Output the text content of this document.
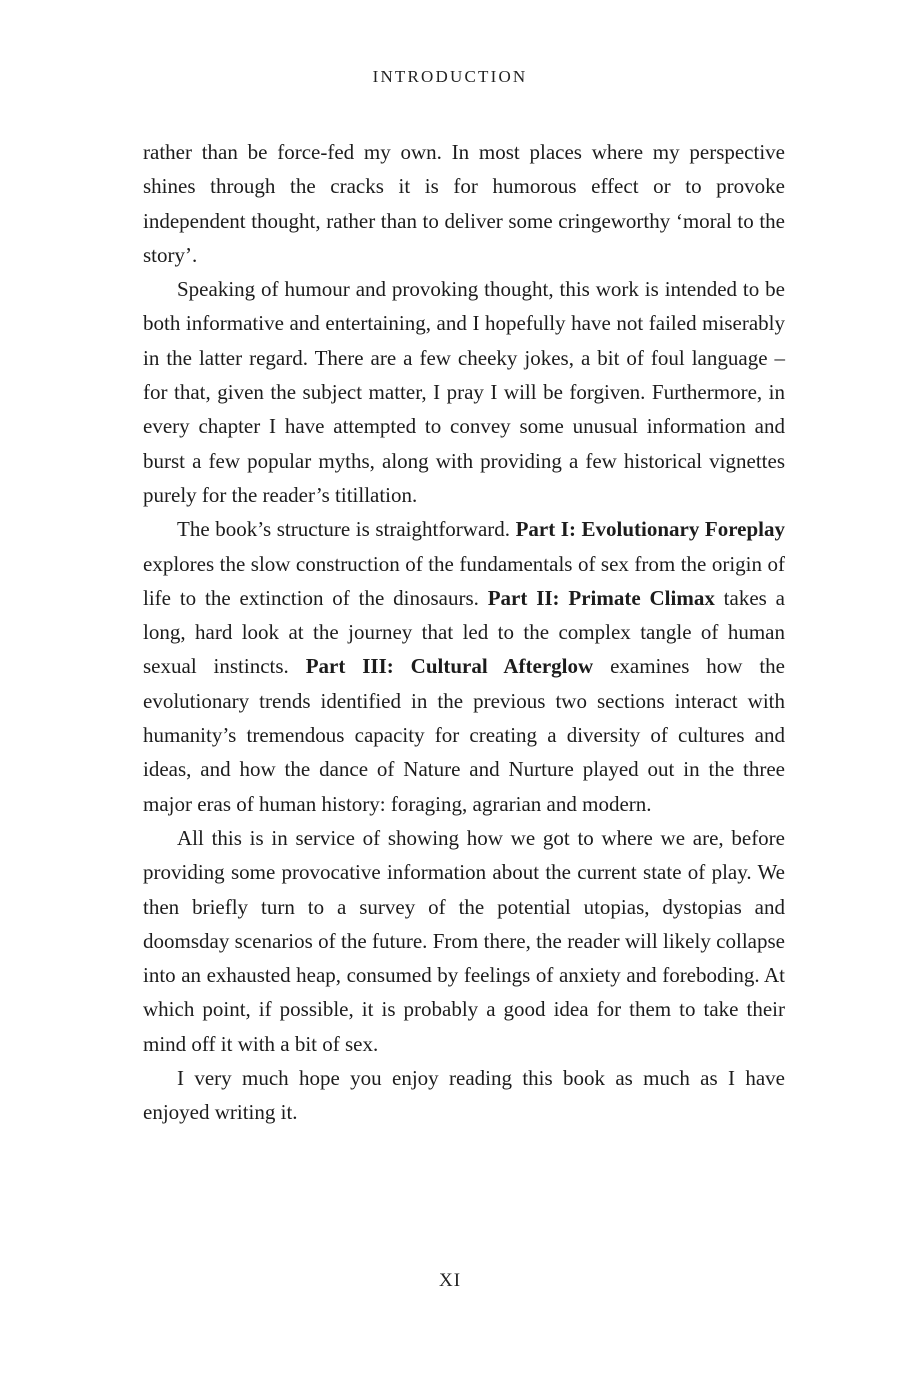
INTRODUCTION

rather than be force-fed my own. In most places where my perspective shines through the cracks it is for humorous effect or to provoke independent thought, rather than to deliver some cringeworthy ‘moral to the story’.

Speaking of humour and provoking thought, this work is intended to be both informative and entertaining, and I hopefully have not failed miserably in the latter regard. There are a few cheeky jokes, a bit of foul language – for that, given the subject matter, I pray I will be forgiven. Furthermore, in every chapter I have attempted to convey some unusual information and burst a few popular myths, along with providing a few historical vignettes purely for the reader’s titillation.

The book’s structure is straightforward. Part I: Evolutionary Foreplay explores the slow construction of the fundamentals of sex from the origin of life to the extinction of the dinosaurs. Part II: Primate Climax takes a long, hard look at the journey that led to the complex tangle of human sexual instincts. Part III: Cultural Afterglow examines how the evolutionary trends identified in the previous two sections interact with humanity’s tremendous capacity for creating a diversity of cultures and ideas, and how the dance of Nature and Nurture played out in the three major eras of human history: foraging, agrarian and modern.

All this is in service of showing how we got to where we are, before providing some provocative information about the current state of play. We then briefly turn to a survey of the potential utopias, dystopias and doomsday scenarios of the future. From there, the reader will likely collapse into an exhausted heap, consumed by feelings of anxiety and foreboding. At which point, if possible, it is probably a good idea for them to take their mind off it with a bit of sex.

I very much hope you enjoy reading this book as much as I have enjoyed writing it.

XI
